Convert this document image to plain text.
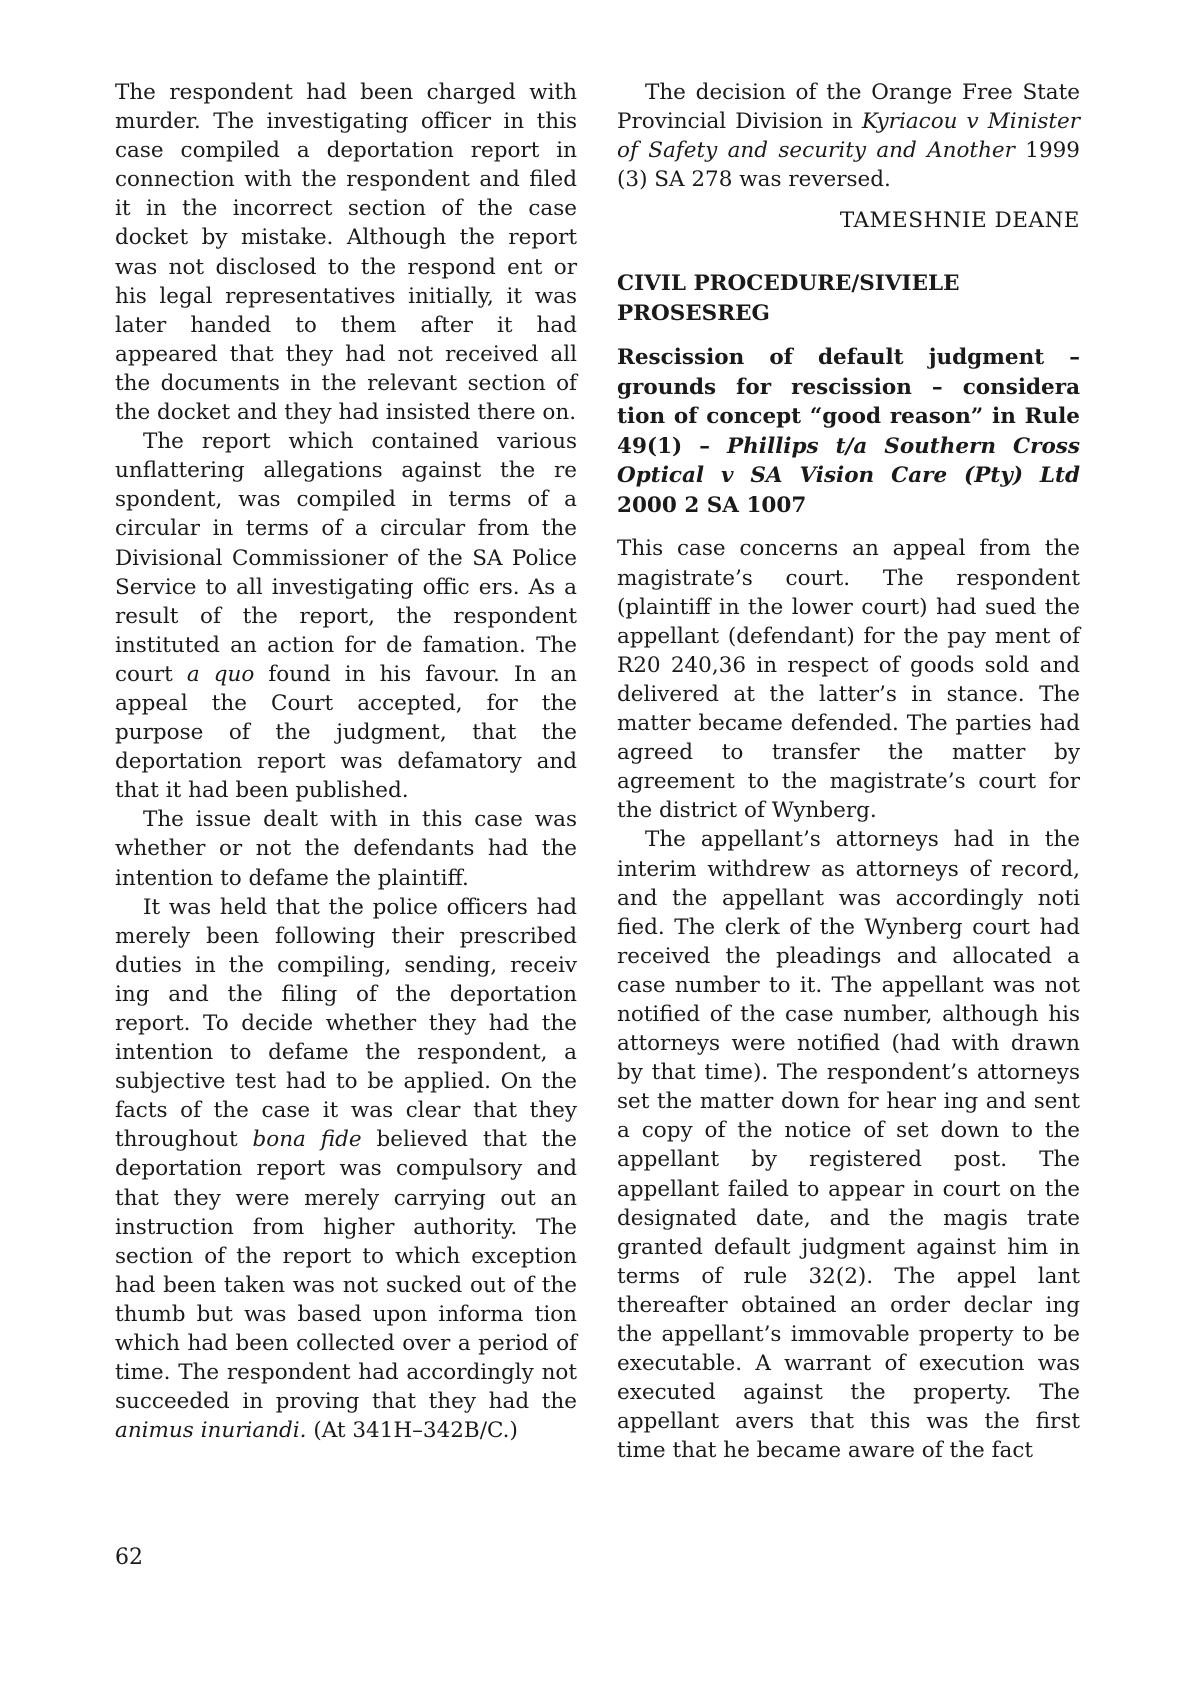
The respondent had been charged with murder. The investigating officer in this case compiled a deportation report in connection with the respondent and filed it in the incorrect section of the case docket by mistake. Although the report was not disclosed to the respond ent or his legal representatives initially, it was later handed to them after it had appeared that they had not received all the documents in the relevant section of the docket and they had insisted there on.

The report which contained various unflattering allegations against the re spondent, was compiled in terms of a circular in terms of a circular from the Divisional Commissioner of the SA Police Service to all investigating offic ers. As a result of the report, the respondent instituted an action for de famation. The court a quo found in his favour. In an appeal the Court accepted, for the purpose of the judgment, that the deportation report was defamatory and that it had been published.

The issue dealt with in this case was whether or not the defendants had the intention to defame the plaintiff.

It was held that the police officers had merely been following their prescribed duties in the compiling, sending, receiv ing and the filing of the deportation report. To decide whether they had the intention to defame the respondent, a subjective test had to be applied. On the facts of the case it was clear that they throughout bona fide believed that the deportation report was compulsory and that they were merely carrying out an instruction from higher authority. The section of the report to which exception had been taken was not sucked out of the thumb but was based upon informa tion which had been collected over a period of time. The respondent had accordingly not succeeded in proving that they had the animus inuriandi. (At 341H–342B/C.)

The decision of the Orange Free State Provincial Division in Kyriacou v Minister of Safety and security and Another 1999 (3) SA 278 was reversed.

TAMESHNIE DEANE

CIVIL PROCEDURE/SIVIELE PROSESREG

Rescission of default judgment – grounds for rescission – considera tion of concept “good reason” in Rule 49(1) – Phillips t/a Southern Cross Optical v SA Vision Care (Pty) Ltd 2000 2 SA 1007

This case concerns an appeal from the magistrate’s court. The respondent (plaintiff in the lower court) had sued the appellant (defendant) for the pay ment of R20 240,36 in respect of goods sold and delivered at the latter’s in stance. The matter became defended. The parties had agreed to transfer the matter by agreement to the magistrate’s court for the district of Wynberg.

The appellant’s attorneys had in the interim withdrew as attorneys of record, and the appellant was accordingly noti fied. The clerk of the Wynberg court had received the pleadings and allocated a case number to it. The appellant was not notified of the case number, although his attorneys were notified (had with drawn by that time). The respondent’s attorneys set the matter down for hear ing and sent a copy of the notice of set down to the appellant by registered post. The appellant failed to appear in court on the designated date, and the magis trate granted default judgment against him in terms of rule 32(2). The appel lant thereafter obtained an order declar ing the appellant’s immovable property to be executable. A warrant of execution was executed against the property. The appellant avers that this was the first time that he became aware of the fact

62
